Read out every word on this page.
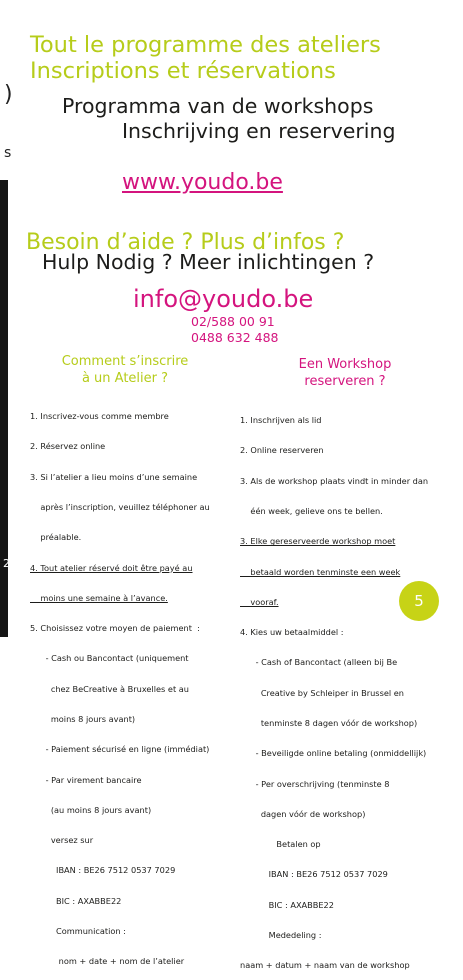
)
s
2
Tout le programme des ateliers
Inscriptions et réservations
Programma van de workshops
Inschrijving en reservering
www.youdo.be
Besoin d’aide ? Plus d’infos ?
Hulp Nodig ? Meer inlichtingen ?
info@youdo.be
02/588 00 91
0488 632 488
Comment s’inscrire
à un Atelier ?
Een Workshop
reserveren ?

1. Inscrivez-vous comme membre

2. Réservez online

3. Si l’atelier a lieu moins d’une semaine

après l’inscription, veuillez téléphoner au

préalable.

4. Tout atelier réservé doit être payé au

moins une semaine à l’avance.

5. Choisissez votre moyen de paiement  :

- Cash ou Bancontact (uniquement

chez BeCreative à Bruxelles et au

moins 8 jours avant)

- Paiement sécurisé en ligne (immédiat)

- Par virement bancaire

(au moins 8 jours avant)

versez sur

IBAN : BE26 7512 0537 7029

BIC : AXABBE22

Communication :

nom + date + nom de l’atelier

1. Inschrijven als lid

2. Online reserveren

3. Als de workshop plaats vindt in minder dan

één week, gelieve ons te bellen.

3. Elke gereserveerde workshop moet

betaald worden tenminste een week

vooraf.

4. Kies uw betaalmiddel :

- Cash of Bancontact (alleen bij Be

Creative by Schleiper in Brussel en

tenminste 8 dagen vóór de workshop)

- Beveiligde online betaling (onmiddellijk)

- Per overschrijving (tenminste 8

dagen vóór de workshop)

Betalen op

IBAN : BE26 7512 0537 7029

BIC : AXABBE22

Mededeling :

naam + datum + naam van de workshop

5
